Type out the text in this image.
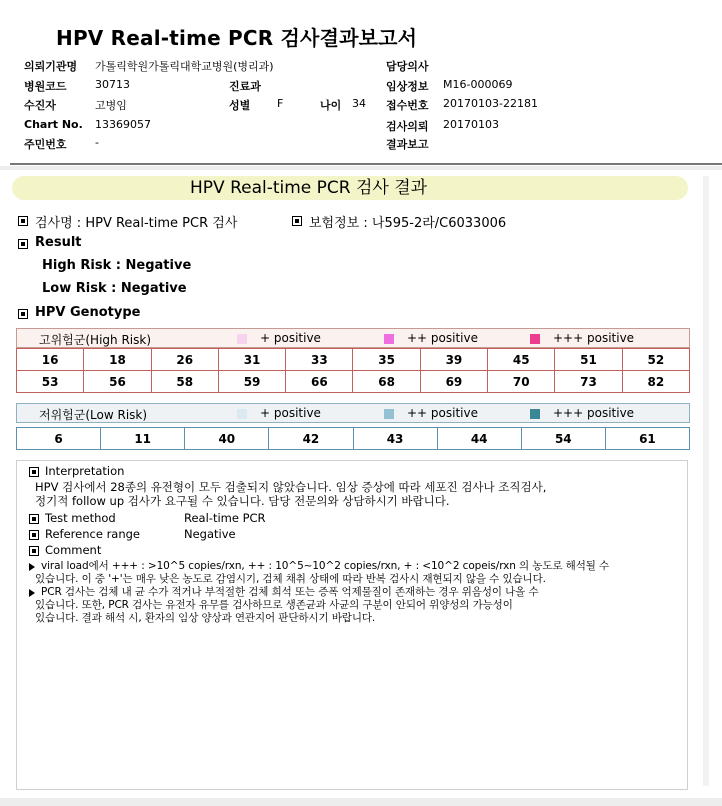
HPV Real-time PCR 검사결과보고서
의뢰기관명 가톨릭학원가톨릭대학교병원(병리과)	담당의사
병원코드	30713	진료과	임상정보 M16-000069
수진자	고병임	성별 F	나이 34 접수번호 20170103-22181
Chart No. 13369057	검사의뢰 20170103
주민번호	-	결과보고
HPV Real-time PCR 검사 결과
검사명 : HPV Real-time PCR 검사	보험정보 : 나595-2라/C6033006
Result
High Risk : Negative
Low Risk : Negative
HPV Genotype
고위험군(High Risk)	+ positive	++ positive	+++ positive
16	18	26	31	33	35	39	45	51	52
53	56	58	59	66	68	69	70	73	82
저위험군(Low Risk)	+ positive	++ positive	+++ positive
6	11	40	42	43	44	54	61
Interpretation
HPV 검사에서 28종의 유전형이 모두 검출되지 않았습니다. 임상 증상에 따라 세포진 검사나 조직검사,
정기적 follow up 검사가 요구될 수 있습니다. 담당 전문의와 상담하시기 바랍니다.
Test method	Real-time PCR
Reference range	Negative
Comment
viral load에서 +++ : >10^5 copies/rxn, ++ : 10^5~10^2 copies/rxn, + : <10^2 copeis/rxn 의 농도로 해석될 수
있습니다. 이 중 '+'는 매우 낮은 농도로 감염시기, 검체 채취 상태에 따라 반복 검사시 재현되지 않을 수 있습니다.
PCR 검사는 검체 내 균 수가 적거나 부적절한 검체 희석 또는 증폭 억제물질이 존재하는 경우 위음성이 나올 수
있습니다. 또한, PCR 검사는 유전자 유무를 검사하므로 생존균과 사균의 구분이 안되어 위양성의 가능성이
있습니다. 결과 해석 시, 환자의 임상 양상과 연관지어 판단하시기 바랍니다.
